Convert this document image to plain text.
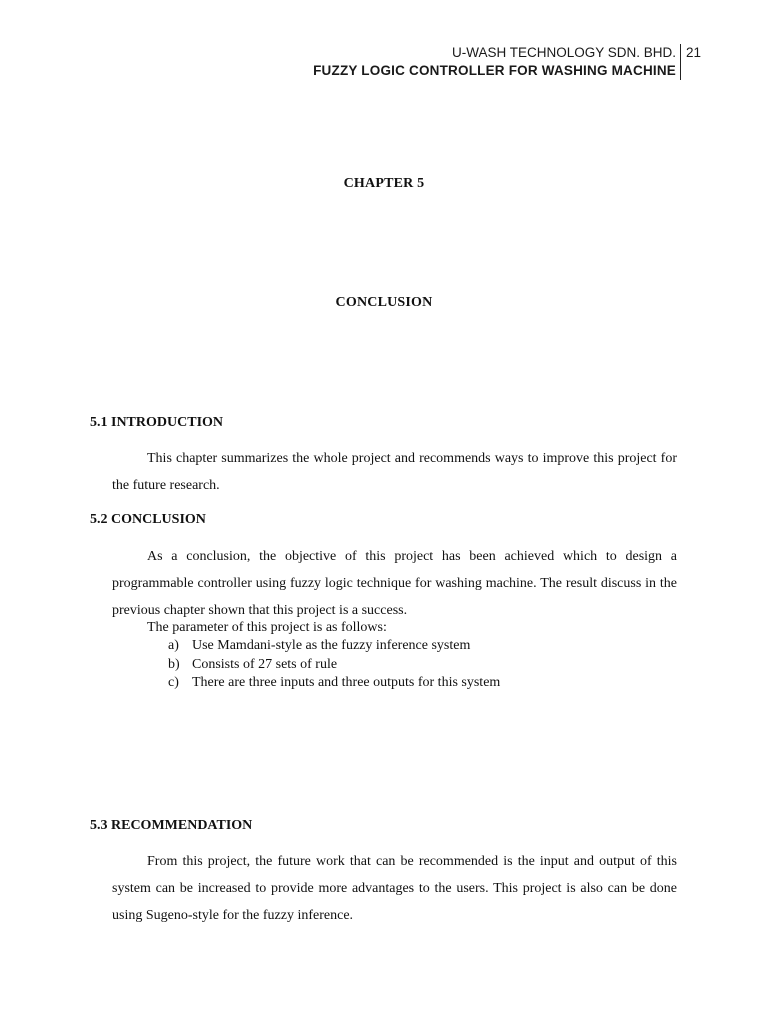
U-WASH TECHNOLOGY SDN. BHD.
FUZZY LOGIC CONTROLLER FOR WASHING MACHINE
21
CHAPTER 5
CONCLUSION
5.1 INTRODUCTION

This chapter summarizes the whole project and recommends ways to improve this project for the future research.

5.2 CONCLUSION

As a conclusion, the objective of this project has been achieved which to design a programmable controller using fuzzy logic technique for washing machine. The result discuss in the previous chapter shown that this project is a success.

The parameter of this project is as follows:
a) Use Mamdani-style as the fuzzy inference system
b) Consists of 27 sets of rule
c) There are three inputs and three outputs for this system
5.3 RECOMMENDATION

From this project, the future work that can be recommended is the input and output of this system can be increased to provide more advantages to the users. This project is also can be done using Sugeno-style for the fuzzy inference.
